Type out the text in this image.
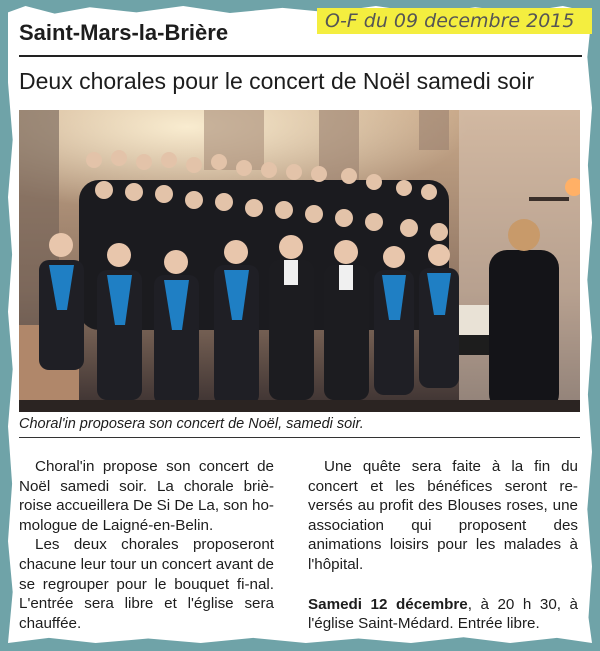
O-F du 09 decembre 2015
Saint-Mars-la-Brière
Deux chorales pour le concert de Noël samedi soir
Choral'in proposera son concert de Noël, samedi soir.

Choral'in propose son concert de Noël samedi soir. La chorale briè-roise accueillera De Si De La, son ho-mologue de Laigné-en-Belin.

Les deux chorales proposeront chacune leur tour un concert avant de se regrouper pour le bouquet fi-nal. L'entrée sera libre et l'église sera chauffée.

Une quête sera faite à la fin du concert et les bénéfices seront re-versés au profit des Blouses roses, une association qui proposent des animations loisirs pour les malades à l'hôpital.

Samedi 12 décembre, à 20 h 30, à l'église Saint-Médard. Entrée libre.
